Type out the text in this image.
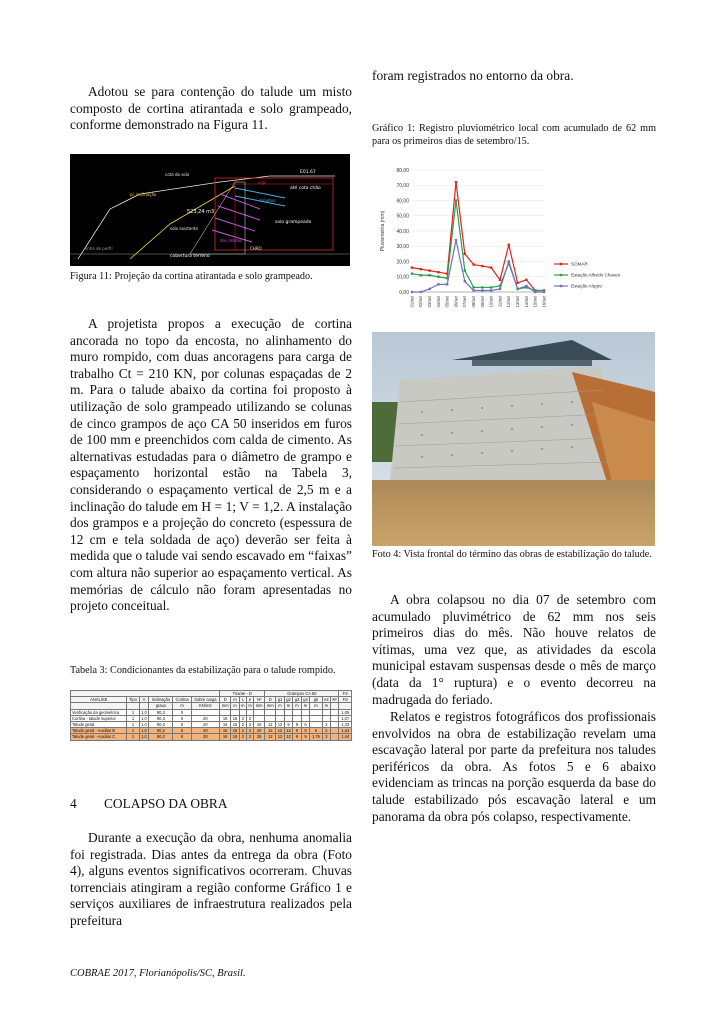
Adotou se para contenção do talude um misto composto de cortina atirantada e solo grampeado, conforme demonstrado na Figura 11.

523,24 m3
pl. inclinação
E01.67
até cota chão
tirantes
solo grampeado
cota do solo
solo existente
CHÃO
viga
cobertura terreno
dos rebites
linha de perfil

Figura 11: Projeção da cortina atirantada e solo grampeado.

A projetista propos a execução de cortina ancorada no topo da encosta, no alinhamento do muro rompido, com duas ancoragens para carga de trabalho Ct = 210 KN, por colunas espaçadas de 2 m. Para o talude abaixo da cortina foi proposto à utilização de solo grampeado utilizando se colunas de cinco grampos de aço CA 50 inseridos em furos de 100 mm e preenchidos com calda de cimento. As alternativas estudadas para o diâmetro de grampo e espaçamento horizontal estão na Tabela 3, considerando o espaçamento vertical de 2,5 m e a inclinação do talude em H = 1; V = 1,2. A instalação dos grampos e a projeção do concreto (espessura de 12 cm e tela soldada de aço) deverão ser feita à medida que o talude vai sendo escavado em “faixas” com altura não superior ao espaçamento vertical. As memórias de cálculo não foram apresentadas no projeto conceitual.

Tabela 3: Condicionantes da estabilização para o talude rompido.

						Tirante - D					Grampos CA 50								FS
ANÁLISE	Tipo	V	Inclinação	Cortina	Sobre carga	D	m	L	e	Nº	D	g1	g2	g3	g4	g5	e2	Nº	FS
			graus	m	KN/m2	mm	m	m	m	mm	mm	m	m	m	m	m	m		
Verificação da geométrica	1	1,0	90,3	0															1,05
Cortina - talude superior	1	1,0	90,3	5	20	16	15	2	2										1,07
Talude geral	1	1,0	90,3	5	20	16	15	2	2	16	12	12	9	9	6		2		1,33
Talude geral - Auxiliar B	1	1,0	90,2	6	20	16	15	2	2	20	12	12	12	9	9	6	2		1,44
Talude geral - Auxiliar C	1	1,0	90,2	6	20	16	15	2	2	25	12	12	12	9	9	1,76	2		1,44
4 COLAPSO DA OBRA

Durante a execução da obra, nenhuma anomalia foi registrada. Dias antes da entrega da obra (Foto 4), alguns eventos significativos ocorreram. Chuvas torrenciais atingiram a região conforme Gráfico 1 e serviços auxiliares de infraestrutura realizados pela prefeitura

foram registrados no entorno da obra.

Gráfico 1: Registro pluviométrico local com acumulado de 62 mm para os primeiros dias de setembro/15.

0,00
10,00
20,00
30,00
40,00
50,00
60,00
70,00
80,00
01/set 02/set 03/set 04/set 05/set 06/set 07/set 08/set 09/set 10/set 11/set 12/set 13/set 14/set 15/set 16/set
Pluviometria (mm)
SOMAR
Estação Alfredo Chaves
Estação Alegre

Foto 4: Vista frontal do término das obras de estabilização do talude.

A obra colapsou no dia 07 de setembro com acumulado pluvimétrico de 62 mm nos seis primeiros dias do mês. Não houve relatos de vítimas, uma vez que, as atividades da escola municipal estavam suspensas desde o mês de março (data da 1° ruptura) e o evento decorreu na madrugada do feriado.

Relatos e registros fotográficos dos profissionais envolvidos na obra de estabilização revelam uma escavação lateral por parte da prefeitura nos taludes periféricos da obra. As fotos 5 e 6 abaixo evidenciam as trincas na porção esquerda da base do talude estabilizado pós escavação lateral e um panorama da obra pós colapso, respectivamente.

COBRAE 2017, Florianópolis/SC, Brasil.
